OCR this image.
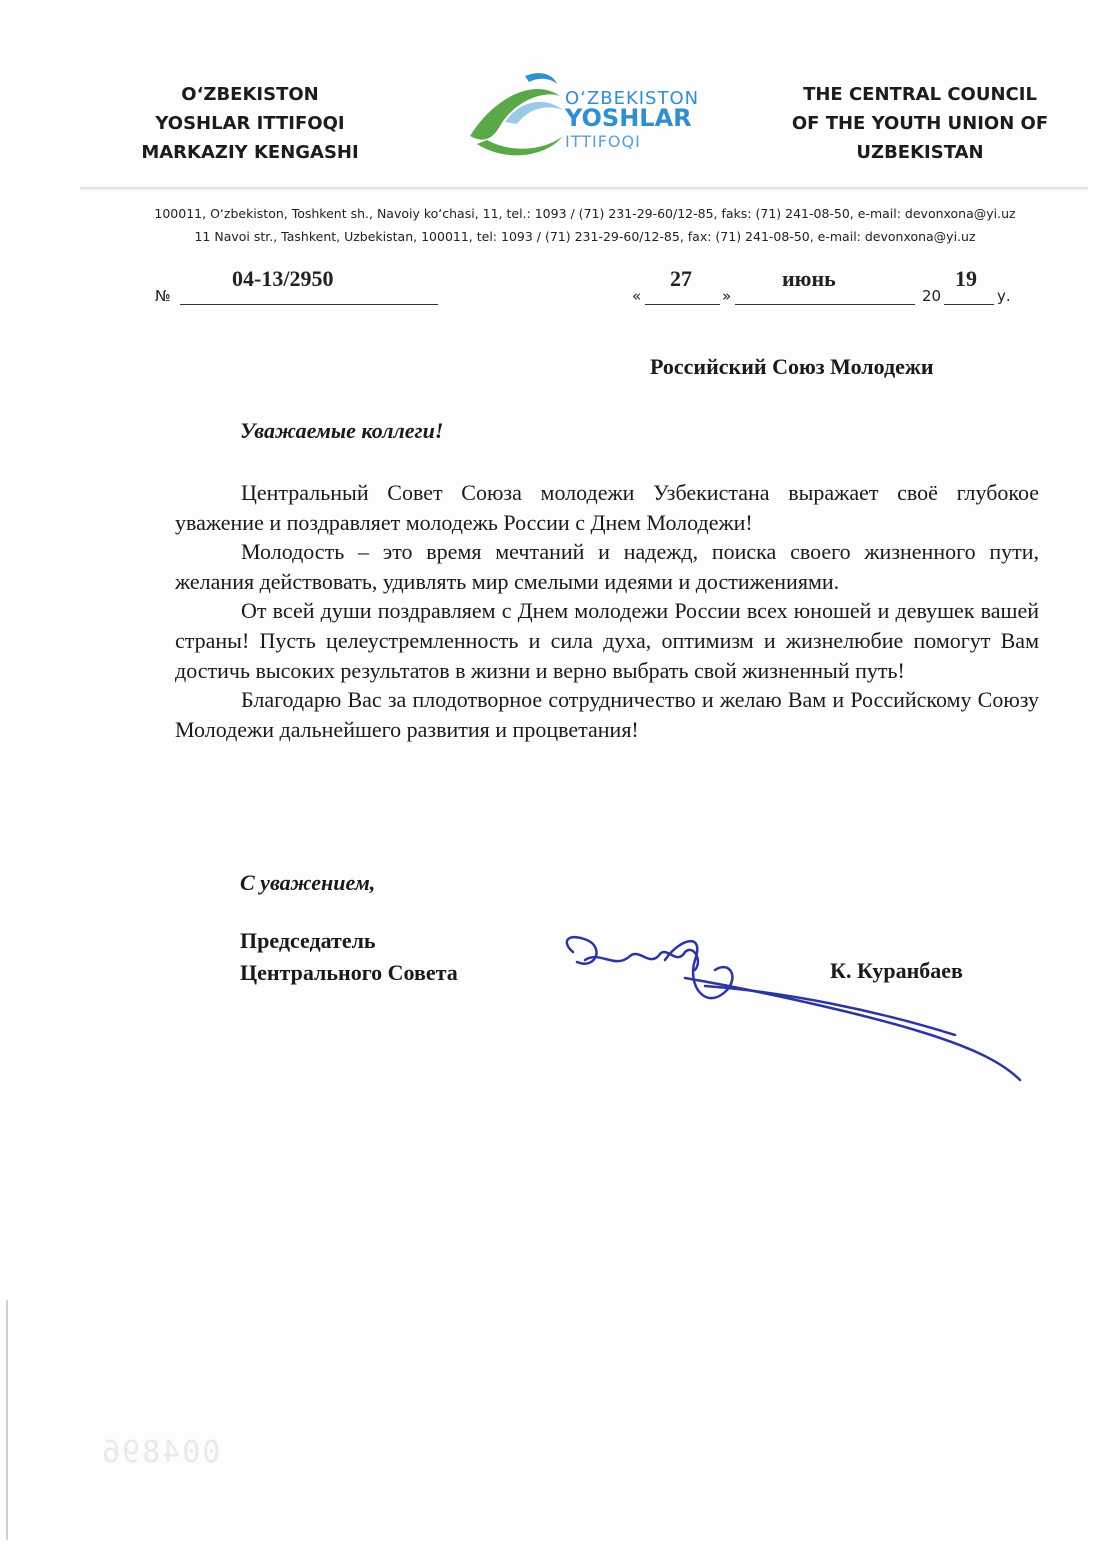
O‘ZBEKISTON
YOSHLAR ITTIFOQI
MARKAZIY KENGASHI
O‘ZBEKISTON
YOSHLAR
ITTIFOQI
THE CENTRAL COUNCIL
OF THE YOUTH UNION OF
UZBEKISTAN
100011, O‘zbekiston, Toshkent sh., Navoiy ko‘chasi, 11, tel.: 1093 / (71) 231-29-60/12-85, faks: (71) 241-08-50, e-mail: devonxona@yi.uz
11 Navoi str., Tashkent, Uzbekistan, 100011, tel: 1093 / (71) 231-29-60/12-85, fax: (71) 241-08-50, e-mail: devonxona@yi.uz
№
04-13/2950
«
27
»
июнь
20
19
у.
Российский Союз Молодежи
Уважаемые коллеги!

Центральный Совет Союза молодежи Узбекистана выражает своё глубокое уважение и поздравляет молодежь России с Днем Молодежи!

Молодость – это время мечтаний и надежд, поиска своего жизненного пути, желания действовать, удивлять мир смелыми идеями и достижениями.

От всей души поздравляем с Днем молодежи России всех юношей и девушек вашей страны! Пусть целеустремленность и сила духа, оптимизм и жизнелюбие помогут Вам достичь высоких результатов в жизни и верно выбрать свой жизненный путь!

Благодарю Вас за плодотворное сотрудничество и желаю Вам и Российскому Союзу Молодежи дальнейшего развития и процветания!

С уважением,
Председатель
Центрального Совета	К. Куранбаев
004896
